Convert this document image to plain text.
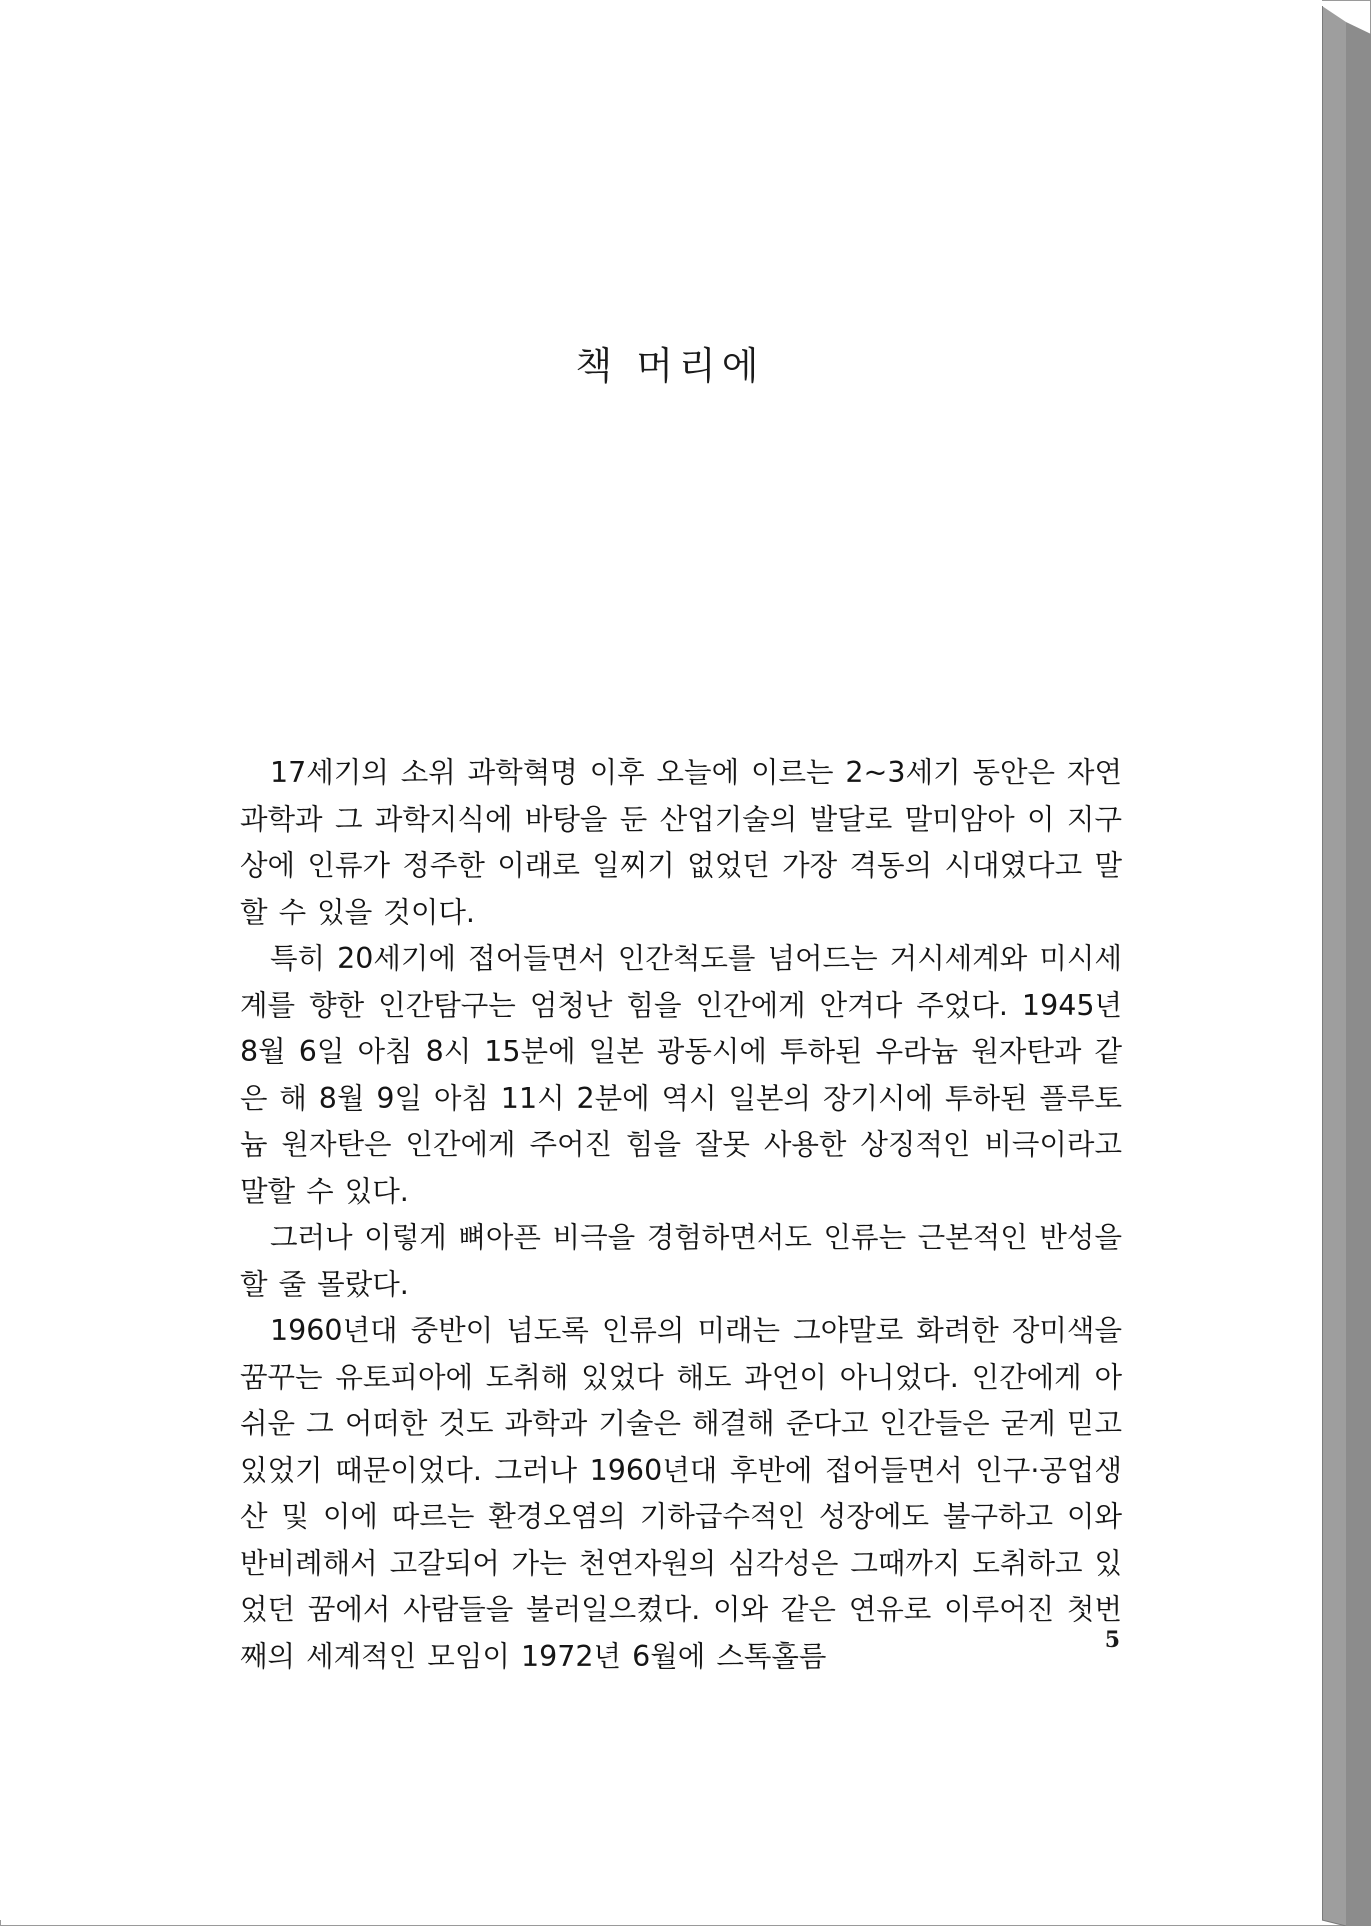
책 머리에

17세기의 소위 과학혁명 이후 오늘에 이르는 2~3세기 동안은 자연과학과 그 과학지식에 바탕을 둔 산업기술의 발달로 말미암아 이 지구상에 인류가 정주한 이래로 일찌기 없었던 가장 격동의 시대였다고 말할 수 있을 것이다.

특히 20세기에 접어들면서 인간척도를 넘어드는 거시세계와 미시세계를 향한 인간탐구는 엄청난 힘을 인간에게 안겨다 주었다. 1945년 8월 6일 아침 8시 15분에 일본 광동시에 투하된 우라늄 원자탄과 같은 해 8월 9일 아침 11시 2분에 역시 일본의 장기시에 투하된 플루토늄 원자탄은 인간에게 주어진 힘을 잘못 사용한 상징적인 비극이라고 말할 수 있다.

그러나 이렇게 뼈아픈 비극을 경험하면서도 인류는 근본적인 반성을 할 줄 몰랐다.

1960년대 중반이 넘도록 인류의 미래는 그야말로 화려한 장미색을 꿈꾸는 유토피아에 도취해 있었다 해도 과언이 아니었다. 인간에게 아쉬운 그 어떠한 것도 과학과 기술은 해결해 준다고 인간들은 굳게 믿고 있었기 때문이었다. 그러나 1960년대 후반에 접어들면서 인구·공업생산 및 이에 따르는 환경오염의 기하급수적인 성장에도 불구하고 이와 반비례해서 고갈되어 가는 천연자원의 심각성은 그때까지 도취하고 있었던 꿈에서 사람들을 불러일으켰다. 이와 같은 연유로 이루어진 첫번째의 세계적인 모임이 1972년 6월에 스톡홀름	5
